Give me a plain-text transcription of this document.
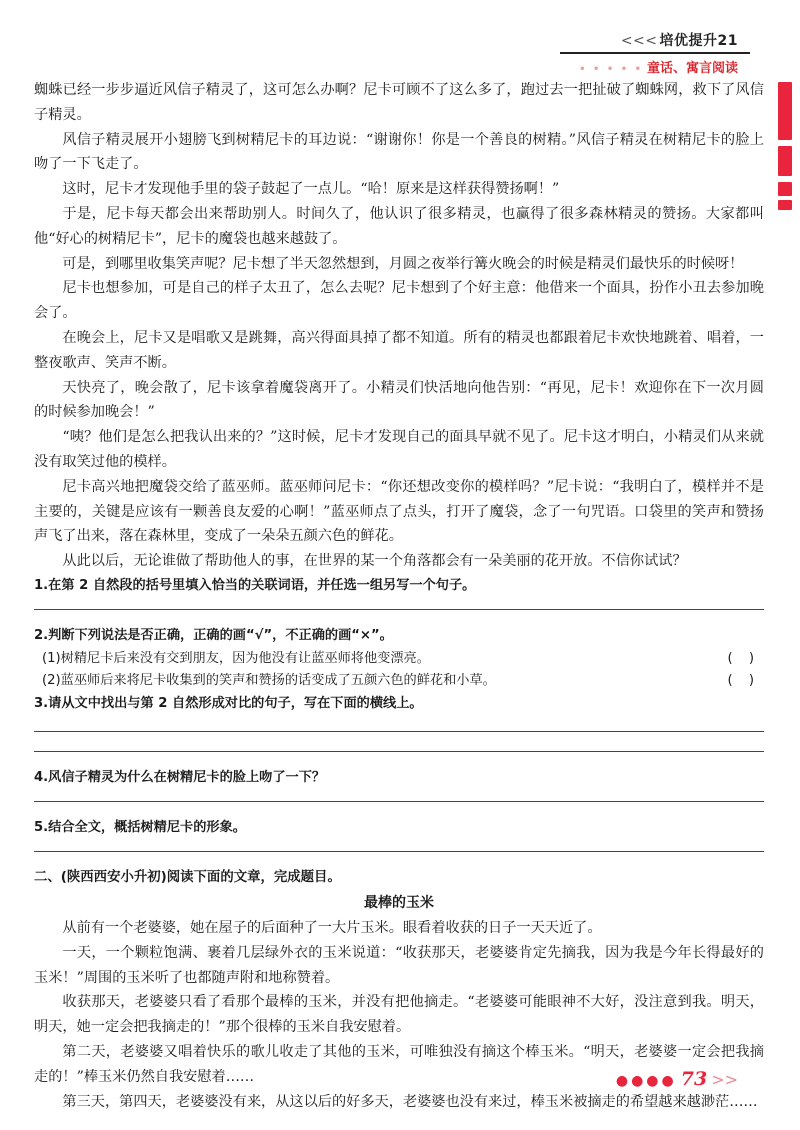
<<< 培优提升21
• • • • • 童话、寓言阅读

蜘蛛已经一步步逼近风信子精灵了，这可怎么办啊？尼卡可顾不了这么多了，跑过去一把扯破了蜘蛛网，救下了风信子精灵。

风信子精灵展开小翅膀飞到树精尼卡的耳边说：“谢谢你！你是一个善良的树精。”风信子精灵在树精尼卡的脸上吻了一下飞走了。

这时，尼卡才发现他手里的袋子鼓起了一点儿。“哈！原来是这样获得赞扬啊！”

于是，尼卡每天都会出来帮助别人。时间久了，他认识了很多精灵，也赢得了很多森林精灵的赞扬。大家都叫他“好心的树精尼卡”，尼卡的魔袋也越来越鼓了。

可是，到哪里收集笑声呢？尼卡想了半天忽然想到，月圆之夜举行篝火晚会的时候是精灵们最快乐的时候呀！

尼卡也想参加，可是自己的样子太丑了，怎么去呢？尼卡想到了个好主意：他借来一个面具，扮作小丑去参加晚会了。

在晚会上，尼卡又是唱歌又是跳舞，高兴得面具掉了都不知道。所有的精灵也都跟着尼卡欢快地跳着、唱着，一整夜歌声、笑声不断。

天快亮了，晚会散了，尼卡该拿着魔袋离开了。小精灵们快活地向他告别：“再见，尼卡！欢迎你在下一次月圆的时候参加晚会！”

“咦？他们是怎么把我认出来的？”这时候，尼卡才发现自己的面具早就不见了。尼卡这才明白，小精灵们从来就没有取笑过他的模样。

尼卡高兴地把魔袋交给了蓝巫师。蓝巫师问尼卡：“你还想改变你的模样吗？”尼卡说：“我明白了，模样并不是主要的，关键是应该有一颗善良友爱的心啊！”蓝巫师点了点头，打开了魔袋，念了一句咒语。口袋里的笑声和赞扬声飞了出来，落在森林里，变成了一朵朵五颜六色的鲜花。

从此以后，无论谁做了帮助他人的事，在世界的某一个角落都会有一朵美丽的花开放。不信你试试？

1.在第 2 自然段的括号里填入恰当的关联词语，并任选一组另写一个句子。

2.判断下列说法是否正确，正确的画“√”，不正确的画“×”。

(1)树精尼卡后来没有交到朋友，因为他没有让蓝巫师将他变漂亮。	( )

(2)蓝巫师后来将尼卡收集到的笑声和赞扬的话变成了五颜六色的鲜花和小草。	( )

3.请从文中找出与第 2 自然形成对比的句子，写在下面的横线上。

4.风信子精灵为什么在树精尼卡的脸上吻了一下？

5.结合全文，概括树精尼卡的形象。

二、(陕西西安小升初)阅读下面的文章，完成题目。

最棒的玉米

从前有一个老婆婆，她在屋子的后面种了一大片玉米。眼看着收获的日子一天天近了。

一天，一个颗粒饱满、裹着几层绿外衣的玉米说道：“收获那天，老婆婆肯定先摘我，因为我是今年长得最好的玉米！”周围的玉米听了也都随声附和地称赞着。

收获那天，老婆婆只看了看那个最棒的玉米，并没有把他摘走。“老婆婆可能眼神不大好，没注意到我。明天，明天，她一定会把我摘走的！”那个很棒的玉米自我安慰着。

第二天，老婆婆又唱着快乐的歌儿收走了其他的玉米，可唯独没有摘这个棒玉米。“明天，老婆婆一定会把我摘走的！”棒玉米仍然自我安慰着……

第三天，第四天，老婆婆没有来，从这以后的好多天，老婆婆也没有来过，棒玉米被摘走的希望越来越渺茫……

●●●● 73 >>
